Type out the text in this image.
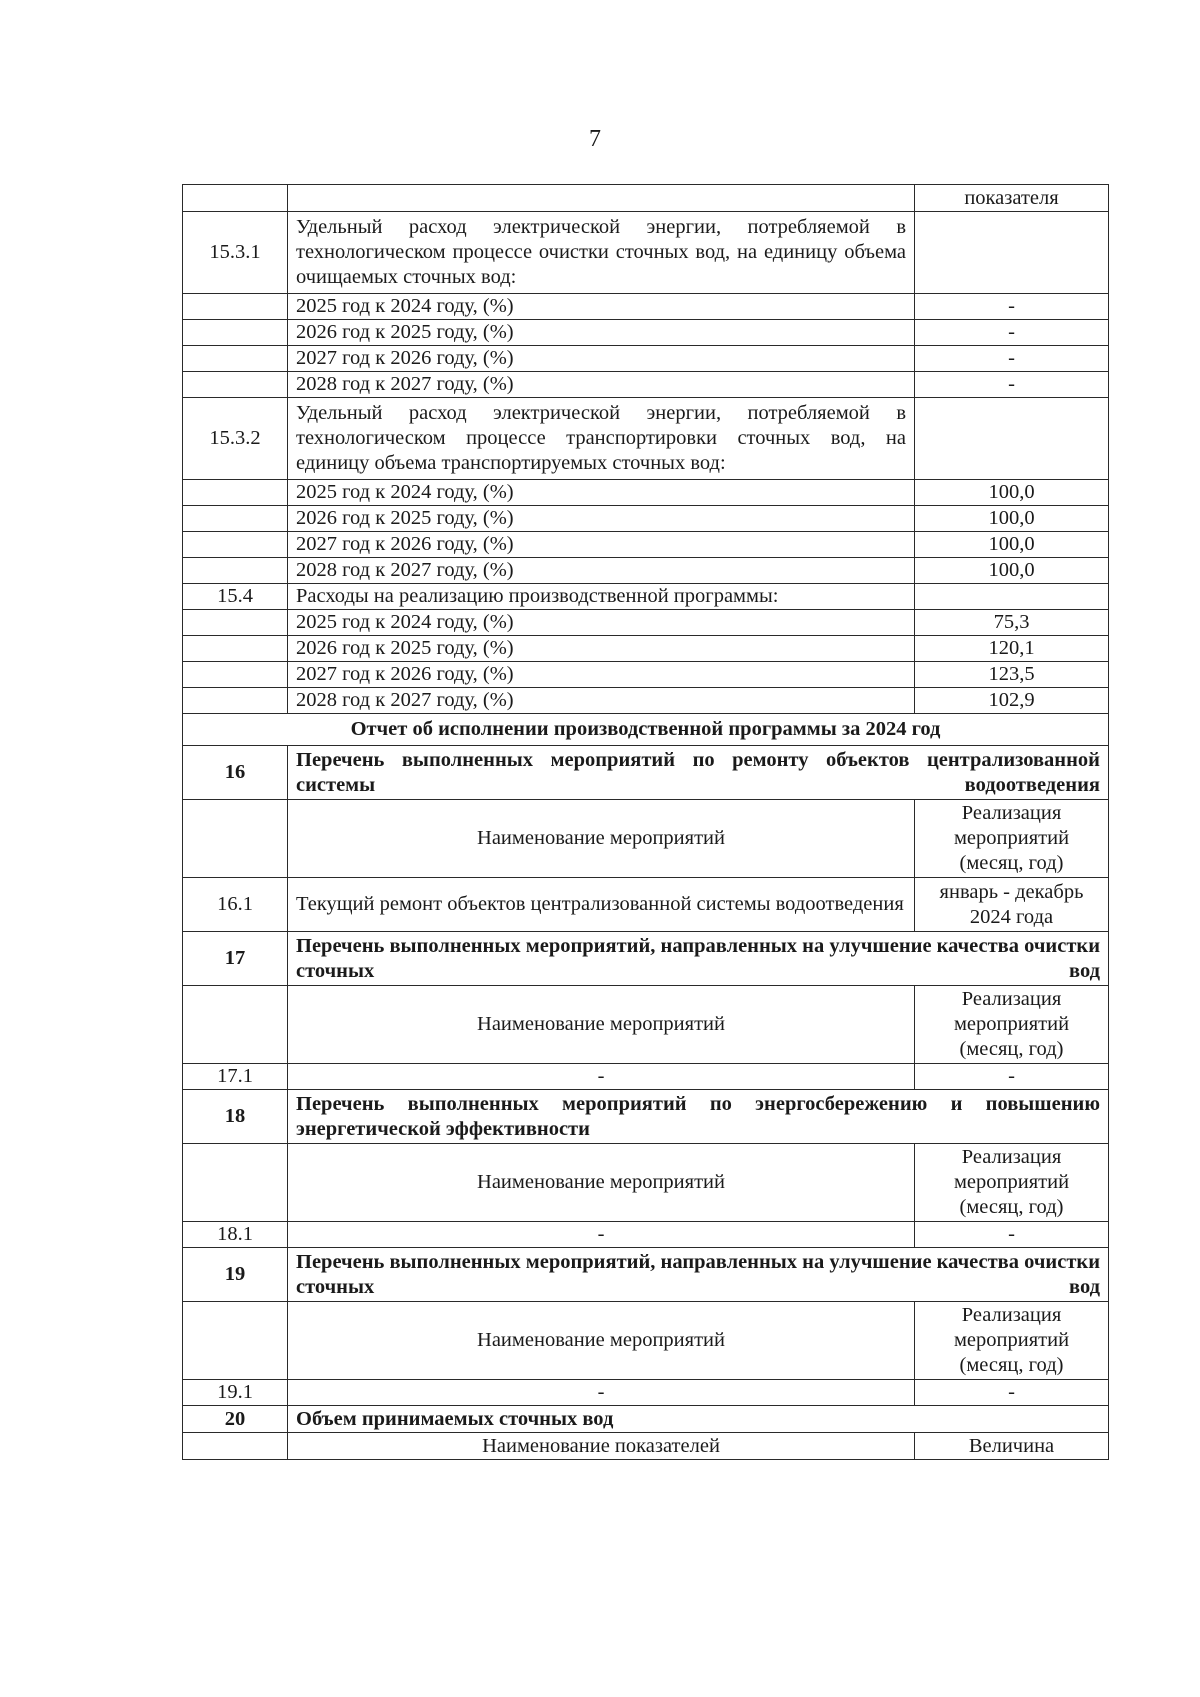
7
		показателя
15.3.1	Удельный расход электрической энергии, потребляемой в технологическом процессе очистки сточных вод, на единицу объема очищаемых сточных вод:	
	2025 год к 2024 году, (%)	-
	2026 год к 2025 году, (%)	-
	2027 год к 2026 году, (%)	-
	2028 год к 2027 году, (%)	-
15.3.2	Удельный расход электрической энергии, потребляемой в технологическом процессе транспортировки сточных вод, на единицу объема транспортируемых сточных вод:	
	2025 год к 2024 году, (%)	100,0
	2026 год к 2025 году, (%)	100,0
	2027 год к 2026 году, (%)	100,0
	2028 год к 2027 году, (%)	100,0
15.4	Расходы на реализацию производственной программы:	
	2025 год к 2024 году, (%)	75,3
	2026 год к 2025 году, (%)	120,1
	2027 год к 2026 году, (%)	123,5
	2028 год к 2027 году, (%)	102,9
Отчет об исполнении производственной программы за 2024 год		
16	Перечень выполненных мероприятий по ремонту объектов централизованной системы водоотведения	
	Наименование мероприятий	Реализация мероприятий (месяц, год)
16.1	Текущий ремонт объектов централизованной системы водоотведения	январь - декабрь 2024 года
17	Перечень выполненных мероприятий, направленных на улучшение качества очистки сточных вод	
	Наименование мероприятий	Реализация мероприятий (месяц, год)
17.1	-	-
18	Перечень выполненных мероприятий по энергосбережению и повышению энергетической эффективности	
	Наименование мероприятий	Реализация мероприятий (месяц, год)
18.1	-	-
19	Перечень выполненных мероприятий, направленных на улучшение качества очистки сточных вод	
	Наименование мероприятий	Реализация мероприятий (месяц, год)
19.1	-	-
20	Объем принимаемых сточных вод	
	Наименование показателей	Величина
